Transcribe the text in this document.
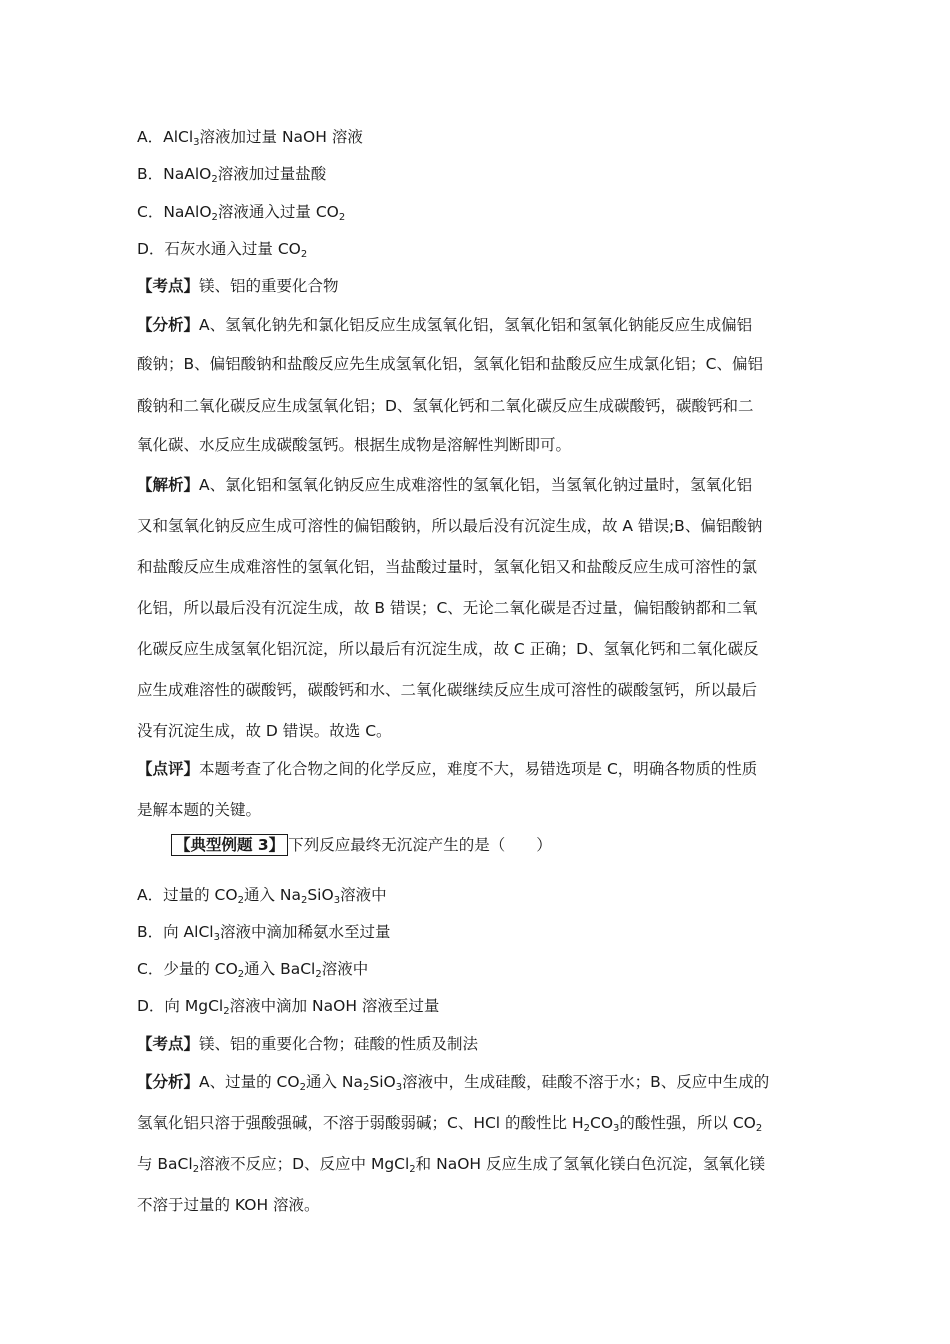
A．AlCl$_3$溶液加过量 NaOH 溶液
B．NaAlO$_2$溶液加过量盐酸
C．NaAlO$_2$溶液通入过量 $CO_2$
D．石灰水通入过量 $CO_2$
【考点】镁、铝的重要化合物
【分析】A、氢氧化钠先和氯化铝反应生成氢氧化铝，氢氧化铝和氢氧化钠能反应生成偏铝
酸钠；B、偏铝酸钠和盐酸反应先生成氢氧化铝，氢氧化铝和盐酸反应生成氯化铝；C、偏铝
酸钠和二氧化碳反应生成氢氧化铝；D、氢氧化钙和二氧化碳反应生成碳酸钙，碳酸钙和二
氧化碳、水反应生成碳酸氢钙。根据生成物是溶解性判断即可。
【解析】A、氯化铝和氢氧化钠反应生成难溶性的氢氧化铝，当氢氧化钠过量时，氢氧化铝
又和氢氧化钠反应生成可溶性的偏铝酸钠，所以最后没有沉淀生成，故 A 错误;B、偏铝酸钠
和盐酸反应生成难溶性的氢氧化铝，当盐酸过量时，氢氧化铝又和盐酸反应生成可溶性的氯
化铝，所以最后没有沉淀生成，故 B 错误；C、无论二氧化碳是否过量，偏铝酸钠都和二氧
化碳反应生成氢氧化铝沉淀，所以最后有沉淀生成，故 C 正确；D、氢氧化钙和二氧化碳反
应生成难溶性的碳酸钙，碳酸钙和水、二氧化碳继续反应生成可溶性的碳酸氢钙，所以最后
没有沉淀生成，故 D 错误。故选 C。
【点评】本题考查了化合物之间的化学反应，难度不大，易错选项是 C，明确各物质的性质
是解本题的关键。
【典型例题 3】 下列反应最终无沉淀产生的是（　　）
A．过量的 $CO_2$通入 $Na_2SiO_3$溶液中
B．向 AlCl$_3$溶液中滴加稀氨水至过量
C．少量的 $CO_2$通入 BaCl$_2$溶液中
D．向 MgCl$_2$溶液中滴加 NaOH 溶液至过量
【考点】镁、铝的重要化合物；硅酸的性质及制法
【分析】A、过量的 $CO_2$通入 $Na_2SiO_3$溶液中，生成硅酸，硅酸不溶于水；B、反应中生成的
氢氧化铝只溶于强酸强碱，不溶于弱酸弱碱；C、HCl 的酸性比 $H_2CO_3$的酸性强，所以 $CO_2$
与 BaCl$_2$溶液不反应；D、反应中 MgCl$_2$和 NaOH 反应生成了氢氧化镁白色沉淀，氢氧化镁
不溶于过量的 KOH 溶液。
